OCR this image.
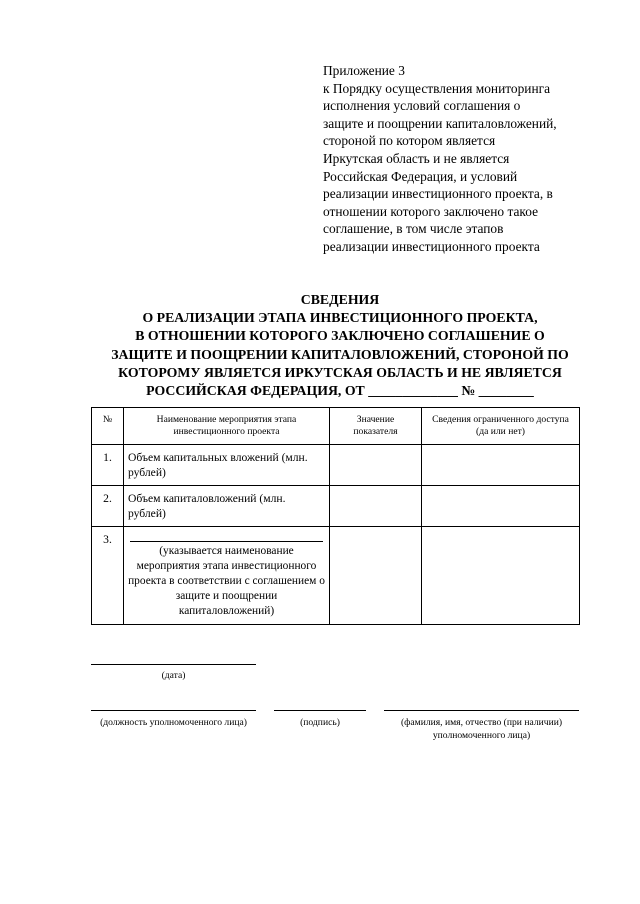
Приложение 3
к Порядку осуществления мониторинга
исполнения условий соглашения о
защите и поощрении капиталовложений,
стороной по котором является
Иркутская область и не является
Российская Федерация, и условий
реализации инвестиционного проекта, в
отношении которого заключено такое
соглашение, в том числе этапов
реализации инвестиционного проекта
СВЕДЕНИЯ
О РЕАЛИЗАЦИИ ЭТАПА ИНВЕСТИЦИОННОГО ПРОЕКТА,
В ОТНОШЕНИИ КОТОРОГО ЗАКЛЮЧЕНО СОГЛАШЕНИЕ О
ЗАЩИТЕ И ПООЩРЕНИИ КАПИТАЛОВЛОЖЕНИЙ, СТОРОНОЙ ПО
КОТОРОМУ ЯВЛЯЕТСЯ ИРКУТСКАЯ ОБЛАСТЬ И НЕ ЯВЛЯЕТСЯ
РОССИЙСКАЯ ФЕДЕРАЦИЯ, ОТ _____________ № ________
№	Наименование мероприятия этапа инвестиционного проекта	Значение показателя	Сведения ограниченного доступа (да или нет)
1.	Объем капитальных вложений (млн. рублей)		
2.	Объем капиталовложений (млн. рублей)		
3.	(указывается наименование мероприятия этапа инвестиционного проекта в соответствии с соглашением о защите и поощрении капиталовложений)		

(дата)
(должность уполномоченного лица)	(подпись)	(фамилия, имя, отчество (при наличии) уполномоченного лица)
